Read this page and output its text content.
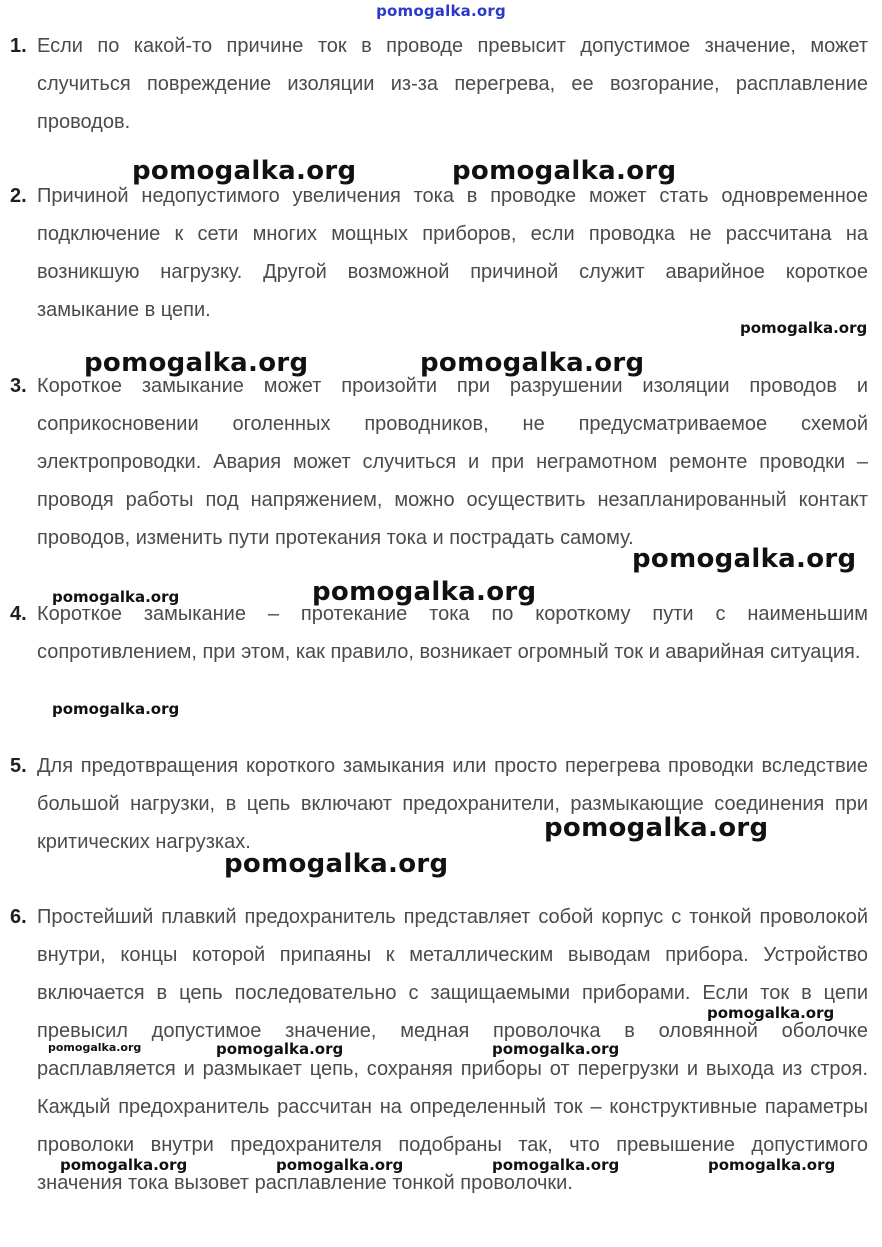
pomogalka.org
1. Если по какой-то причине ток в проводе превысит допустимое значение, может случиться повреждение изоляции из-за перегрева, ее возгорание, расплавление проводов.
2. Причиной недопустимого увеличения тока в проводке может стать одновременное подключение к сети многих мощных приборов, если проводка не рассчитана на возникшую нагрузку. Другой возможной причиной служит аварийное короткое замыкание в цепи.
3. Короткое замыкание может произойти при разрушении изоляции проводов и соприкосновении оголенных проводников, не предусматриваемое схемой электропроводки. Авария может случиться и при неграмотном ремонте проводки – проводя работы под напряжением, можно осуществить незапланированный контакт проводов, изменить пути протекания тока и пострадать самому.
4. Короткое замыкание – протекание тока по короткому пути с наименьшим сопротивлением, при этом, как правило, возникает огромный ток и аварийная ситуация.
5. Для предотвращения короткого замыкания или просто перегрева проводки вследствие большой нагрузки, в цепь включают предохранители, размыкающие соединения при критических нагрузках.
6. Простейший плавкий предохранитель представляет собой корпус с тонкой проволокой внутри, концы которой припаяны к металлическим выводам прибора. Устройство включается в цепь последовательно с защищаемыми приборами. Если ток в цепи превысил допустимое значение, медная проволочка в оловянной оболочке расплавляется и размыкает цепь, сохраняя приборы от перегрузки и выхода из строя. Каждый предохранитель рассчитан на определенный ток – конструктивные параметры проволоки внутри предохранителя подобраны так, что превышение допустимого значения тока вызовет расплавление тонкой проволочки.
pomogalka.org	pomogalka.org
pomogalka.org
pomogalka.org	pomogalka.org
pomogalka.org
pomogalka.org	pomogalka.org
pomogalka.org
pomogalka.org
pomogalka.org
pomogalka.org
pomogalka.org	pomogalka.org	pomogalka.org
pomogalka.org	pomogalka.org	pomogalka.org	pomogalka.org
